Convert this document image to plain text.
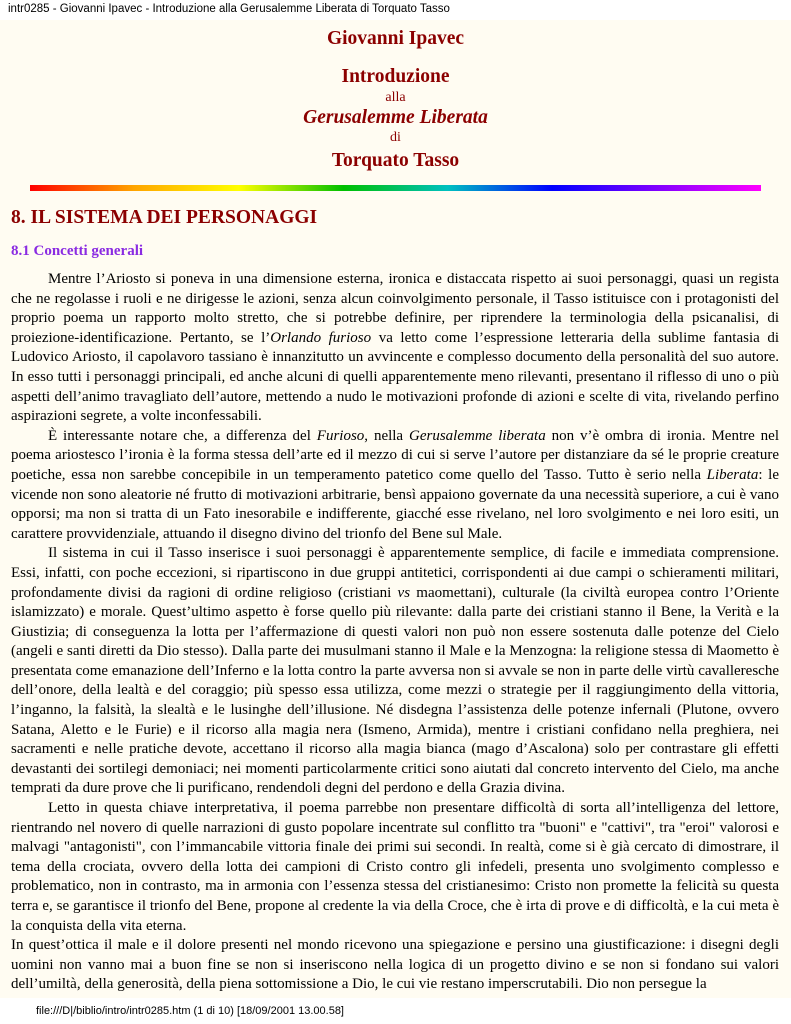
intr0285 - Giovanni Ipavec - Introduzione alla Gerusalemme Liberata di Torquato Tasso
Giovanni Ipavec
Introduzione
alla
Gerusalemme Liberata
di
Torquato Tasso
8. IL SISTEMA DEI PERSONAGGI
8.1 Concetti generali

Mentre l’Ariosto si poneva in una dimensione esterna, ironica e distaccata rispetto ai suoi personaggi, quasi un regista che ne regolasse i ruoli e ne dirigesse le azioni, senza alcun coinvolgimento personale, il Tasso istituisce con i protagonisti del proprio poema un rapporto molto stretto, che si potrebbe definire, per riprendere la terminologia della psicanalisi, di proiezione-identificazione. Pertanto, se l’Orlando furioso va letto come l’espressione letteraria della sublime fantasia di Ludovico Ariosto, il capolavoro tassiano è innanzitutto un avvincente e complesso documento della personalità del suo autore. In esso tutti i personaggi principali, ed anche alcuni di quelli apparentemente meno rilevanti, presentano il riflesso di uno o più aspetti dell’animo travagliato dell’autore, mettendo a nudo le motivazioni profonde di azioni e scelte di vita, rivelando perfino aspirazioni segrete, a volte inconfessabili.

È interessante notare che, a differenza del Furioso, nella Gerusalemme liberata non v’è ombra di ironia. Mentre nel poema ariostesco l’ironia è la forma stessa dell’arte ed il mezzo di cui si serve l’autore per distanziare da sé le proprie creature poetiche, essa non sarebbe concepibile in un temperamento patetico come quello del Tasso. Tutto è serio nella Liberata: le vicende non sono aleatorie né frutto di motivazioni arbitrarie, bensì appaiono governate da una necessità superiore, a cui è vano opporsi; ma non si tratta di un Fato inesorabile e indifferente, giacché esse rivelano, nel loro svolgimento e nei loro esiti, un carattere provvidenziale, attuando il disegno divino del trionfo del Bene sul Male.

Il sistema in cui il Tasso inserisce i suoi personaggi è apparentemente semplice, di facile e immediata comprensione. Essi, infatti, con poche eccezioni, si ripartiscono in due gruppi antitetici, corrispondenti ai due campi o schieramenti militari, profondamente divisi da ragioni di ordine religioso (cristiani vs maomettani), culturale (la civiltà europea contro l’Oriente islamizzato) e morale. Quest’ultimo aspetto è forse quello più rilevante: dalla parte dei cristiani stanno il Bene, la Verità e la Giustizia; di conseguenza la lotta per l’affermazione di questi valori non può non essere sostenuta dalle potenze del Cielo (angeli e santi diretti da Dio stesso). Dalla parte dei musulmani stanno il Male e la Menzogna: la religione stessa di Maometto è presentata come emanazione dell’Inferno e la lotta contro la parte avversa non si avvale se non in parte delle virtù cavalleresche dell’onore, della lealtà e del coraggio; più spesso essa utilizza, come mezzi o strategie per il raggiungimento della vittoria, l’inganno, la falsità, la slealtà e le lusinghe dell’illusione. Né disdegna l’assistenza delle potenze infernali (Plutone, ovvero Satana, Aletto e le Furie) e il ricorso alla magia nera (Ismeno, Armida), mentre i cristiani confidano nella preghiera, nei sacramenti e nelle pratiche devote, accettano il ricorso alla magia bianca (mago d’Ascalona) solo per contrastare gli effetti devastanti dei sortilegi demoniaci; nei momenti particolarmente critici sono aiutati dal concreto intervento del Cielo, ma anche temprati da dure prove che li purificano, rendendoli degni del perdono e della Grazia divina.

Letto in questa chiave interpretativa, il poema parrebbe non presentare difficoltà di sorta all’intelligenza del lettore, rientrando nel novero di quelle narrazioni di gusto popolare incentrate sul conflitto tra "buoni" e "cattivi", tra "eroi" valorosi e malvagi "antagonisti", con l’immancabile vittoria finale dei primi sui secondi. In realtà, come si è già cercato di dimostrare, il tema della crociata, ovvero della lotta dei campioni di Cristo contro gli infedeli, presenta uno svolgimento complesso e problematico, non in contrasto, ma in armonia con l’essenza stessa del cristianesimo: Cristo non promette la felicità su questa terra e, se garantisce il trionfo del Bene, propone al credente la via della Croce, che è irta di prove e di difficoltà, e la cui meta è la conquista della vita eterna.

In quest’ottica il male e il dolore presenti nel mondo ricevono una spiegazione e persino una giustificazione: i disegni degli uomini non vanno mai a buon fine se non si inseriscono nella logica di un progetto divino e se non si fondano sui valori dell’umiltà, della generosità, della piena sottomissione a Dio, le cui vie restano imperscrutabili. Dio non persegue la

file:///D|/biblio/intro/intr0285.htm (1 di 10) [18/09/2001 13.00.58]
